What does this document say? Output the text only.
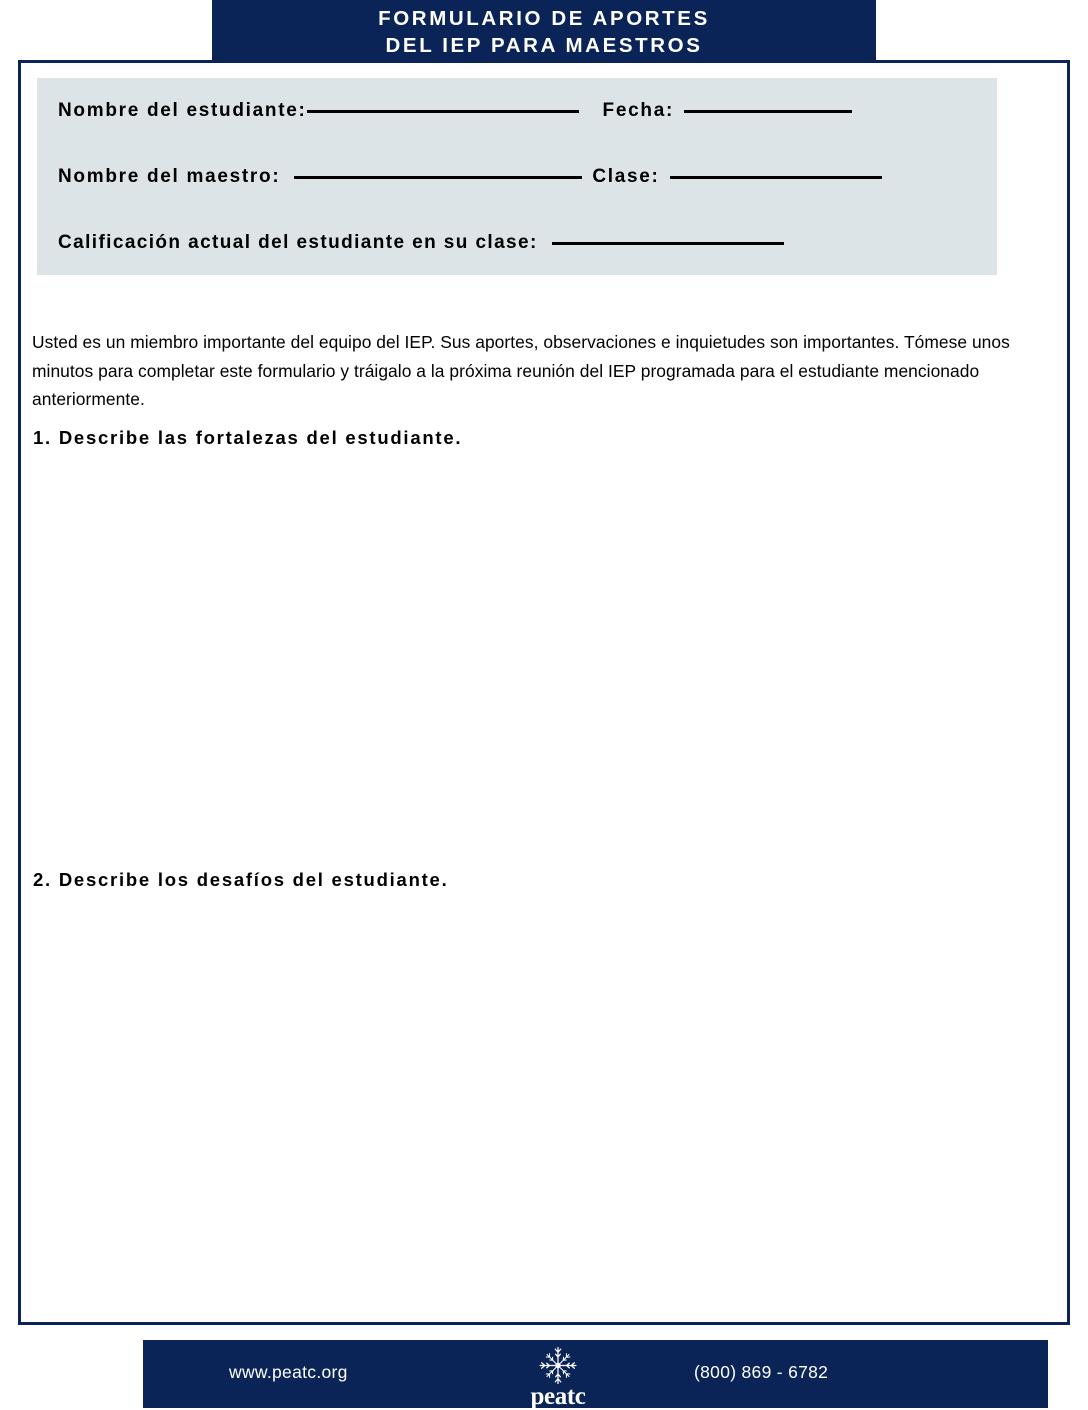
FORMULARIO DE APORTES
DEL IEP PARA MAESTROS
Nombre del estudiante:	Fecha:
Nombre del maestro:	Clase:
Calificación actual del estudiante en su clase:

Usted es un miembro importante del equipo del IEP. Sus aportes, observaciones e inquietudes son importantes. Tómese unos minutos para completar este formulario y tráigalo a la próxima reunión del IEP programada para el estudiante mencionado anteriormente.

1. Describe las fortalezas del estudiante.
2. Describe los desafíos del estudiante.
www.peatc.org
peatc
(800) 869 - 6782
